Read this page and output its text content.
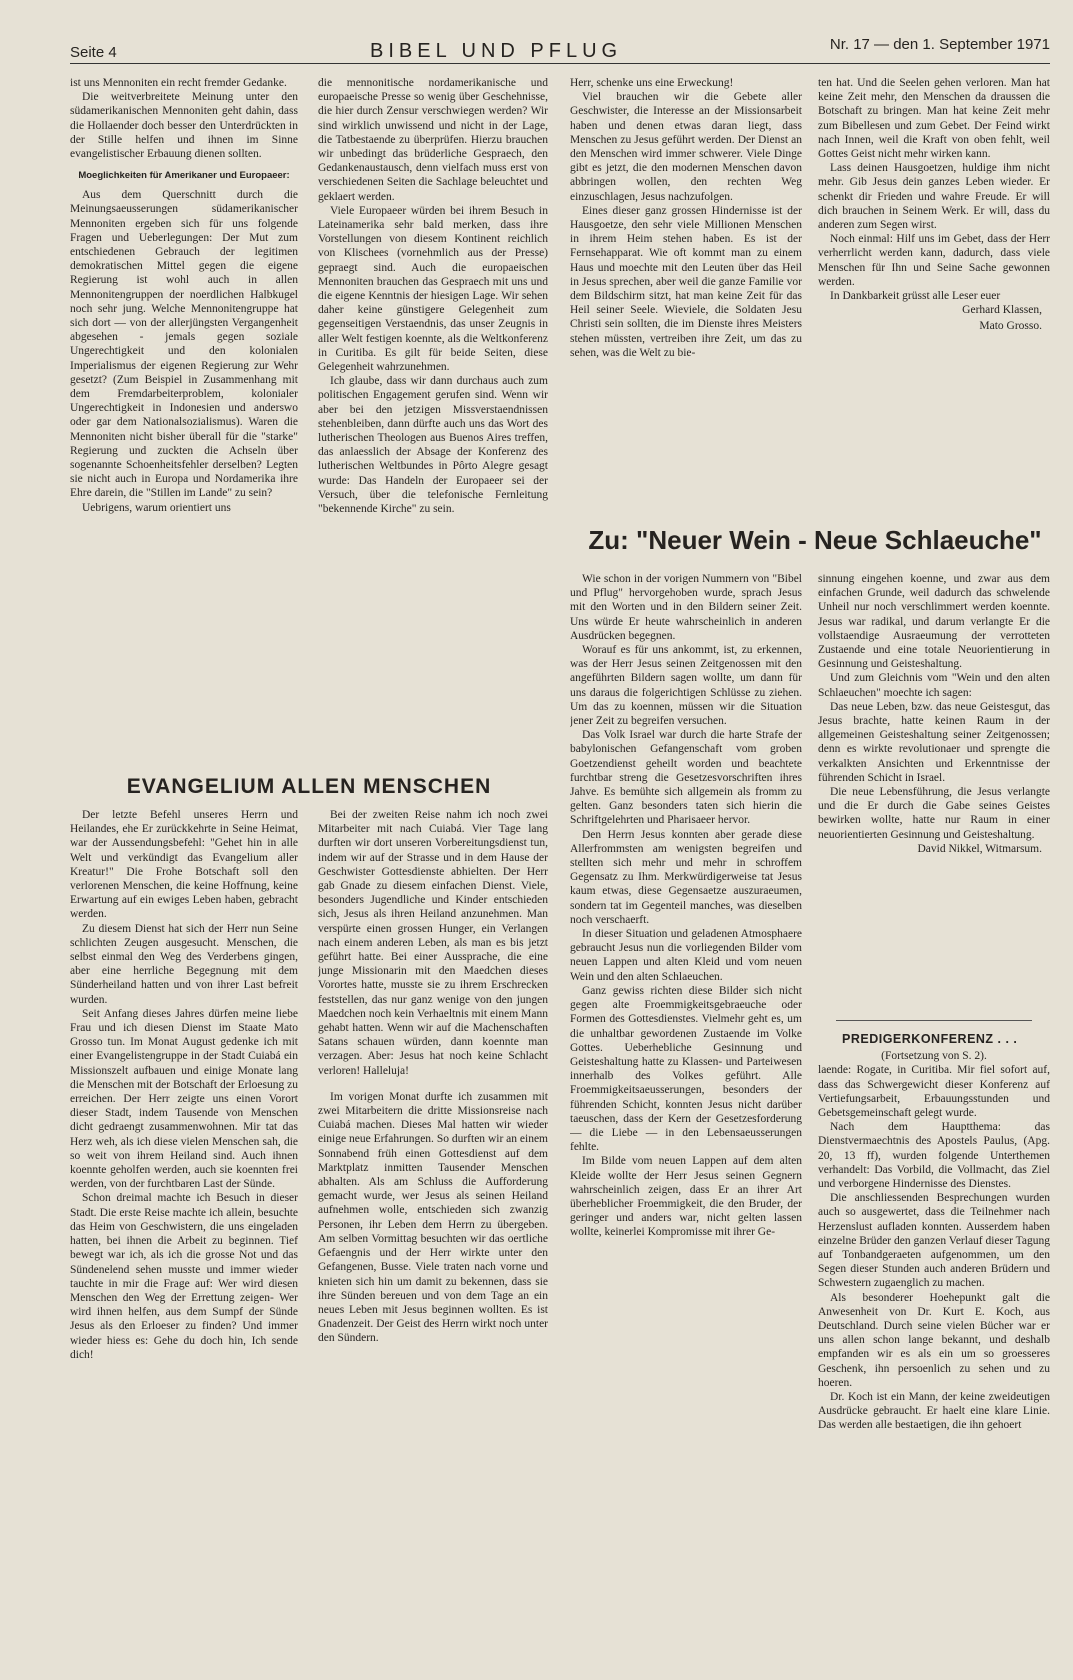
Seite 4	BIBEL UND PFLUG	Nr. 17 — den 1. September 1971

ist uns Mennoniten ein recht fremder Gedanke.

Die weitverbreitete Meinung unter den südamerikanischen Mennoniten geht dahin, dass die Hollaender doch besser den Unterdrückten in der Stille helfen und ihnen im Sinne evangelistischer Erbauung dienen sollten.

Moeglichkeiten für Amerikaner und Europaeer:

Aus dem Querschnitt durch die Meinungsaeusserungen südamerikanischer Mennoniten ergeben sich für uns folgende Fragen und Ueberlegungen: Der Mut zum entschiedenen Gebrauch der legitimen demokratischen Mittel gegen die eigene Regierung ist wohl auch in allen Mennonitengruppen der noerdlichen Halbkugel noch sehr jung. Welche Mennonitengruppe hat sich dort — von der allerjüngsten Vergangenheit abgesehen - jemals gegen soziale Ungerechtigkeit und den kolonialen Imperialismus der eigenen Regierung zur Wehr gesetzt? (Zum Beispiel in Zusammenhang mit dem Fremdarbeiterproblem, kolonialer Ungerechtigkeit in Indonesien und anderswo oder gar dem Nationalsozialismus). Waren die Mennoniten nicht bisher überall für die "starke" Regierung und zuckten die Achseln über sogenannte Schoenheitsfehler derselben? Legten sie nicht auch in Europa und Nordamerika ihre Ehre darein, die "Stillen im Lande" zu sein?

Uebrigens, warum orientiert uns

die mennonitische nordamerikanische und europaeische Presse so wenig über Geschehnisse, die hier durch Zensur verschwiegen werden? Wir sind wirklich unwissend und nicht in der Lage, die Tatbestaende zu überprüfen. Hierzu brauchen wir unbedingt das brüderliche Gespraech, den Gedankenaustausch, denn vielfach muss erst von verschiedenen Seiten die Sachlage beleuchtet und geklaert werden.

Viele Europaeer würden bei ihrem Besuch in Lateinamerika sehr bald merken, dass ihre Vorstellungen von diesem Kontinent reichlich von Klischees (vornehmlich aus der Presse) gepraegt sind. Auch die europaeischen Mennoniten brauchen das Gespraech mit uns und die eigene Kenntnis der hiesigen Lage. Wir sehen daher keine günstigere Gelegenheit zum gegenseitigen Verstaendnis, das unser Zeugnis in aller Welt festigen koennte, als die Weltkonferenz in Curitiba. Es gilt für beide Seiten, diese Gelegenheit wahrzunehmen.

Ich glaube, dass wir dann durchaus auch zum politischen Engagement gerufen sind. Wenn wir aber bei den jetzigen Missverstaendnissen stehenbleiben, dann dürfte auch uns das Wort des lutherischen Theologen aus Buenos Aires treffen, das anlaesslich der Absage der Konferenz des lutherischen Weltbundes in Pôrto Alegre gesagt wurde: Das Handeln der Europaeer sei der Versuch, über die telefonische Fernleitung "bekennende Kirche" zu sein.

Herr, schenke uns eine Erweckung!

Viel brauchen wir die Gebete aller Geschwister, die Interesse an der Missionsarbeit haben und denen etwas daran liegt, dass Menschen zu Jesus geführt werden. Der Dienst an den Menschen wird immer schwerer. Viele Dinge gibt es jetzt, die den modernen Menschen davon abbringen wollen, den rechten Weg einzuschlagen, Jesus nachzufolgen.

Eines dieser ganz grossen Hindernisse ist der Hausgoetze, den sehr viele Millionen Menschen in ihrem Heim stehen haben. Es ist der Fernsehapparat. Wie oft kommt man zu einem Haus und moechte mit den Leuten über das Heil in Jesus sprechen, aber weil die ganze Familie vor dem Bildschirm sitzt, hat man keine Zeit für das Heil seiner Seele. Wieviele, die Soldaten Jesu Christi sein sollten, die im Dienste ihres Meisters stehen müssten, vertreiben ihre Zeit, um das zu sehen, was die Welt zu bie-

ten hat. Und die Seelen gehen verloren. Man hat keine Zeit mehr, den Menschen da draussen die Botschaft zu bringen. Man hat keine Zeit mehr zum Bibellesen und zum Gebet. Der Feind wirkt nach Innen, weil die Kraft von oben fehlt, weil Gottes Geist nicht mehr wirken kann.

Lass deinen Hausgoetzen, huldige ihm nicht mehr. Gib Jesus dein ganzes Leben wieder. Er schenkt dir Frieden und wahre Freude. Er will dich brauchen in Seinem Werk. Er will, dass du anderen zum Segen wirst.

Noch einmal: Hilf uns im Gebet, dass der Herr verherrlicht werden kann, dadurch, dass viele Menschen für Ihn und Seine Sache gewonnen werden.

In Dankbarkeit grüsst alle Leser euer

Gerhard Klassen,

Mato Grosso.

Zu: "Neuer Wein - Neue Schlaeuche"
EVANGELIUM ALLEN MENSCHEN

Der letzte Befehl unseres Herrn und Heilandes, ehe Er zurückkehrte in Seine Heimat, war der Aussendungsbefehl: "Gehet hin in alle Welt und verkündigt das Evangelium aller Kreatur!" Die Frohe Botschaft soll den verlorenen Menschen, die keine Hoffnung, keine Erwartung auf ein ewiges Leben haben, gebracht werden.

Zu diesem Dienst hat sich der Herr nun Seine schlichten Zeugen ausgesucht. Menschen, die selbst einmal den Weg des Verderbens gingen, aber eine herrliche Begegnung mit dem Sünderheiland hatten und von ihrer Last befreit wurden.

Seit Anfang dieses Jahres dürfen meine liebe Frau und ich diesen Dienst im Staate Mato Grosso tun. Im Monat August gedenke ich mit einer Evangelistengruppe in der Stadt Cuiabá ein Missionszelt aufbauen und einige Monate lang die Menschen mit der Botschaft der Erloesung zu erreichen. Der Herr zeigte uns einen Vorort dieser Stadt, indem Tausende von Menschen dicht gedraengt zusammenwohnen. Mir tat das Herz weh, als ich diese vielen Menschen sah, die so weit von ihrem Heiland sind. Auch ihnen koennte geholfen werden, auch sie koennten frei werden, von der furchtbaren Last der Sünde.

Schon dreimal machte ich Besuch in dieser Stadt. Die erste Reise machte ich allein, besuchte das Heim von Geschwistern, die uns eingeladen hatten, bei ihnen die Arbeit zu beginnen. Tief bewegt war ich, als ich die grosse Not und das Sündenelend sehen musste und immer wieder tauchte in mir die Frage auf: Wer wird diesen Menschen den Weg der Errettung zeigen- Wer wird ihnen helfen, aus dem Sumpf der Sünde Jesus als den Erloeser zu finden? Und immer wieder hiess es: Gehe du doch hin, Ich sende dich!

Bei der zweiten Reise nahm ich noch zwei Mitarbeiter mit nach Cuiabá. Vier Tage lang durften wir dort unseren Vorbereitungsdienst tun, indem wir auf der Strasse und in dem Hause der Geschwister Gottesdienste abhielten. Der Herr gab Gnade zu diesem einfachen Dienst. Viele, besonders Jugendliche und Kinder entschieden sich, Jesus als ihren Heiland anzunehmen. Man verspürte einen grossen Hunger, ein Verlangen nach einem anderen Leben, als man es bis jetzt geführt hatte. Bei einer Aussprache, die eine junge Missionarin mit den Maedchen dieses Vorortes hatte, musste sie zu ihrem Erschrecken feststellen, das nur ganz wenige von den jungen Maedchen noch kein Verhaeltnis mit einem Mann gehabt hatten. Wenn wir auf die Machenschaften Satans schauen würden, dann koennte man verzagen. Aber: Jesus hat noch keine Schlacht verloren! Halleluja!

Im vorigen Monat durfte ich zusammen mit zwei Mitarbeitern die dritte Missionsreise nach Cuiabá machen. Dieses Mal hatten wir wieder einige neue Erfahrungen. So durften wir an einem Sonnabend früh einen Gottesdienst auf dem Marktplatz inmitten Tausender Menschen abhalten. Als am Schluss die Aufforderung gemacht wurde, wer Jesus als seinen Heiland aufnehmen wolle, entschieden sich zwanzig Personen, ihr Leben dem Herrn zu übergeben. Am selben Vormittag besuchten wir das oertliche Gefaengnis und der Herr wirkte unter den Gefangenen, Busse. Viele traten nach vorne und knieten sich hin um damit zu bekennen, dass sie ihre Sünden bereuen und von dem Tage an ein neues Leben mit Jesus beginnen wollten. Es ist Gnadenzeit. Der Geist des Herrn wirkt noch unter den Sündern.

Wie schon in der vorigen Nummern von "Bibel und Pflug" hervorgehoben wurde, sprach Jesus mit den Worten und in den Bildern seiner Zeit. Uns würde Er heute wahrscheinlich in anderen Ausdrücken begegnen.

Worauf es für uns ankommt, ist, zu erkennen, was der Herr Jesus seinen Zeitgenossen mit den angeführten Bildern sagen wollte, um dann für uns daraus die folgerichtigen Schlüsse zu ziehen. Um das zu koennen, müssen wir die Situation jener Zeit zu begreifen versuchen.

Das Volk Israel war durch die harte Strafe der babylonischen Gefangenschaft vom groben Goetzendienst geheilt worden und beachtete furchtbar streng die Gesetzesvorschriften ihres Jahve. Es bemühte sich allgemein als fromm zu gelten. Ganz besonders taten sich hierin die Schriftgelehrten und Pharisaeer hervor.

Den Herrn Jesus konnten aber gerade diese Allerfrommsten am wenigsten begreifen und stellten sich mehr und mehr in schroffem Gegensatz zu Ihm. Merkwürdigerweise tat Jesus kaum etwas, diese Gegensaetze auszuraeumen, sondern tat im Gegenteil manches, was dieselben noch verschaerft.

In dieser Situation und geladenen Atmosphaere gebraucht Jesus nun die vorliegenden Bilder vom neuen Lappen und alten Kleid und vom neuen Wein und den alten Schlaeuchen.

Ganz gewiss richten diese Bilder sich nicht gegen alte Froemmigkeitsgebraeuche oder Formen des Gottesdienstes. Vielmehr geht es, um die unhaltbar gewordenen Zustaende im Volke Gottes. Ueberhebliche Gesinnung und Geisteshaltung hatte zu Klassen- und Parteiwesen innerhalb des Volkes geführt. Alle Froemmigkeitsaeusserungen, besonders der führenden Schicht, konnten Jesus nicht darüber taeuschen, dass der Kern der Gesetzesforderung — die Liebe — in den Lebensaeusserungen fehlte.

Im Bilde vom neuen Lappen auf dem alten Kleide wollte der Herr Jesus seinen Gegnern wahrscheinlich zeigen, dass Er an ihrer Art überheblicher Froemmigkeit, die den Bruder, der geringer und anders war, nicht gelten lassen wollte, keinerlei Kompromisse mit ihrer Ge-

sinnung eingehen koenne, und zwar aus dem einfachen Grunde, weil dadurch das schwelende Unheil nur noch verschlimmert werden koennte. Jesus war radikal, und darum verlangte Er die vollstaendige Ausraeumung der verrotteten Zustaende und eine totale Neuorientierung in Gesinnung und Geisteshaltung.

Und zum Gleichnis vom "Wein und den alten Schlaeuchen" moechte ich sagen:

Das neue Leben, bzw. das neue Geistesgut, das Jesus brachte, hatte keinen Raum in der allgemeinen Geisteshaltung seiner Zeitgenossen; denn es wirkte revolutionaer und sprengte die verkalkten Ansichten und Erkenntnisse der führenden Schicht in Israel.

Die neue Lebensführung, die Jesus verlangte und die Er durch die Gabe seines Geistes bewirken wollte, hatte nur Raum in einer neuorientierten Gesinnung und Geisteshaltung.

David Nikkel, Witmarsum.

PREDIGERKONFERENZ . . .

(Fortsetzung von S. 2).

laende: Rogate, in Curitiba. Mir fiel sofort auf, dass das Schwergewicht dieser Konferenz auf Vertiefungsarbeit, Erbauungsstunden und Gebetsgemeinschaft gelegt wurde.

Nach dem Hauptthema: das Dienstvermaechtnis des Apostels Paulus, (Apg. 20, 13 ff), wurden folgende Unterthemen verhandelt: Das Vorbild, die Vollmacht, das Ziel und verborgene Hindernisse des Dienstes.

Die anschliessenden Besprechungen wurden auch so ausgewertet, dass die Teilnehmer nach Herzenslust aufladen konnten. Ausserdem haben einzelne Brüder den ganzen Verlauf dieser Tagung auf Tonbandgeraeten aufgenommen, um den Segen dieser Stunden auch anderen Brüdern und Schwestern zugaenglich zu machen.

Als besonderer Hoehepunkt galt die Anwesenheit von Dr. Kurt E. Koch, aus Deutschland. Durch seine vielen Bücher war er uns allen schon lange bekannt, und deshalb empfanden wir es als ein um so groesseres Geschenk, ihn persoenlich zu sehen und zu hoeren.

Dr. Koch ist ein Mann, der keine zweideutigen Ausdrücke gebraucht. Er haelt eine klare Linie. Das werden alle bestaetigen, die ihn gehoert
